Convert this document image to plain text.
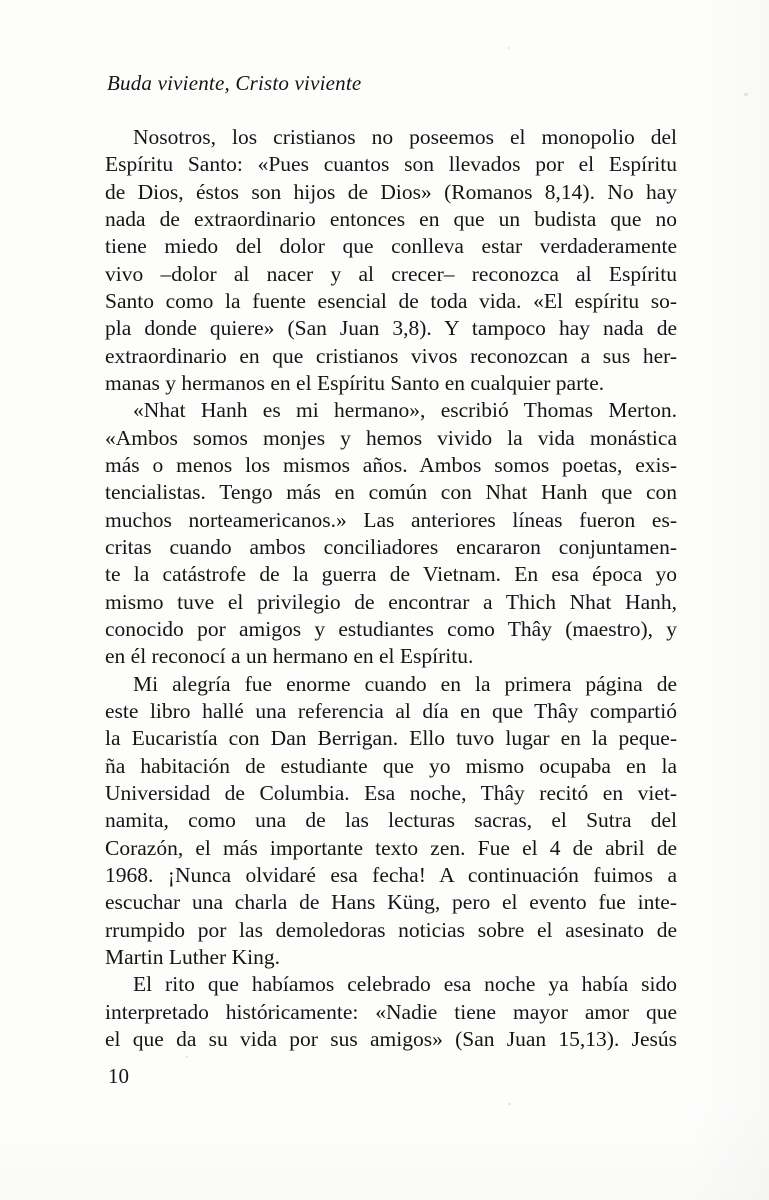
Buda viviente, Cristo viviente
Nosotros, los cristianos no poseemos el monopolio del
Espíritu Santo: «Pues cuantos son llevados por el Espíritu
de Dios, éstos son hijos de Dios» (Romanos 8,14). No hay
nada de extraordinario entonces en que un budista que no
tiene miedo del dolor que conlleva estar verdaderamente
vivo –dolor al nacer y al crecer– reconozca al Espíritu
Santo como la fuente esencial de toda vida. «El espíritu so-
pla donde quiere» (San Juan 3,8). Y tampoco hay nada de
extraordinario en que cristianos vivos reconozcan a sus her-
manas y hermanos en el Espíritu Santo en cualquier parte.
«Nhat Hanh es mi hermano», escribió Thomas Merton.
«Ambos somos monjes y hemos vivido la vida monástica
más o menos los mismos años. Ambos somos poetas, exis-
tencialistas. Tengo más en común con Nhat Hanh que con
muchos norteamericanos.» Las anteriores líneas fueron es-
critas cuando ambos conciliadores encararon conjuntamen-
te la catástrofe de la guerra de Vietnam. En esa época yo
mismo tuve el privilegio de encontrar a Thich Nhat Hanh,
conocido por amigos y estudiantes como Thây (maestro), y
en él reconocí a un hermano en el Espíritu.
Mi alegría fue enorme cuando en la primera página de
este libro hallé una referencia al día en que Thây compartió
la Eucaristía con Dan Berrigan. Ello tuvo lugar en la peque-
ña habitación de estudiante que yo mismo ocupaba en la
Universidad de Columbia. Esa noche, Thây recitó en viet-
namita, como una de las lecturas sacras, el Sutra del
Corazón, el más importante texto zen. Fue el 4 de abril de
1968. ¡Nunca olvidaré esa fecha! A continuación fuimos a
escuchar una charla de Hans Küng, pero el evento fue inte-
rrumpido por las demoledoras noticias sobre el asesinato de
Martin Luther King.
El rito que habíamos celebrado esa noche ya había sido
interpretado históricamente: «Nadie tiene mayor amor que
el que da su vida por sus amigos» (San Juan 15,13). Jesús
10
